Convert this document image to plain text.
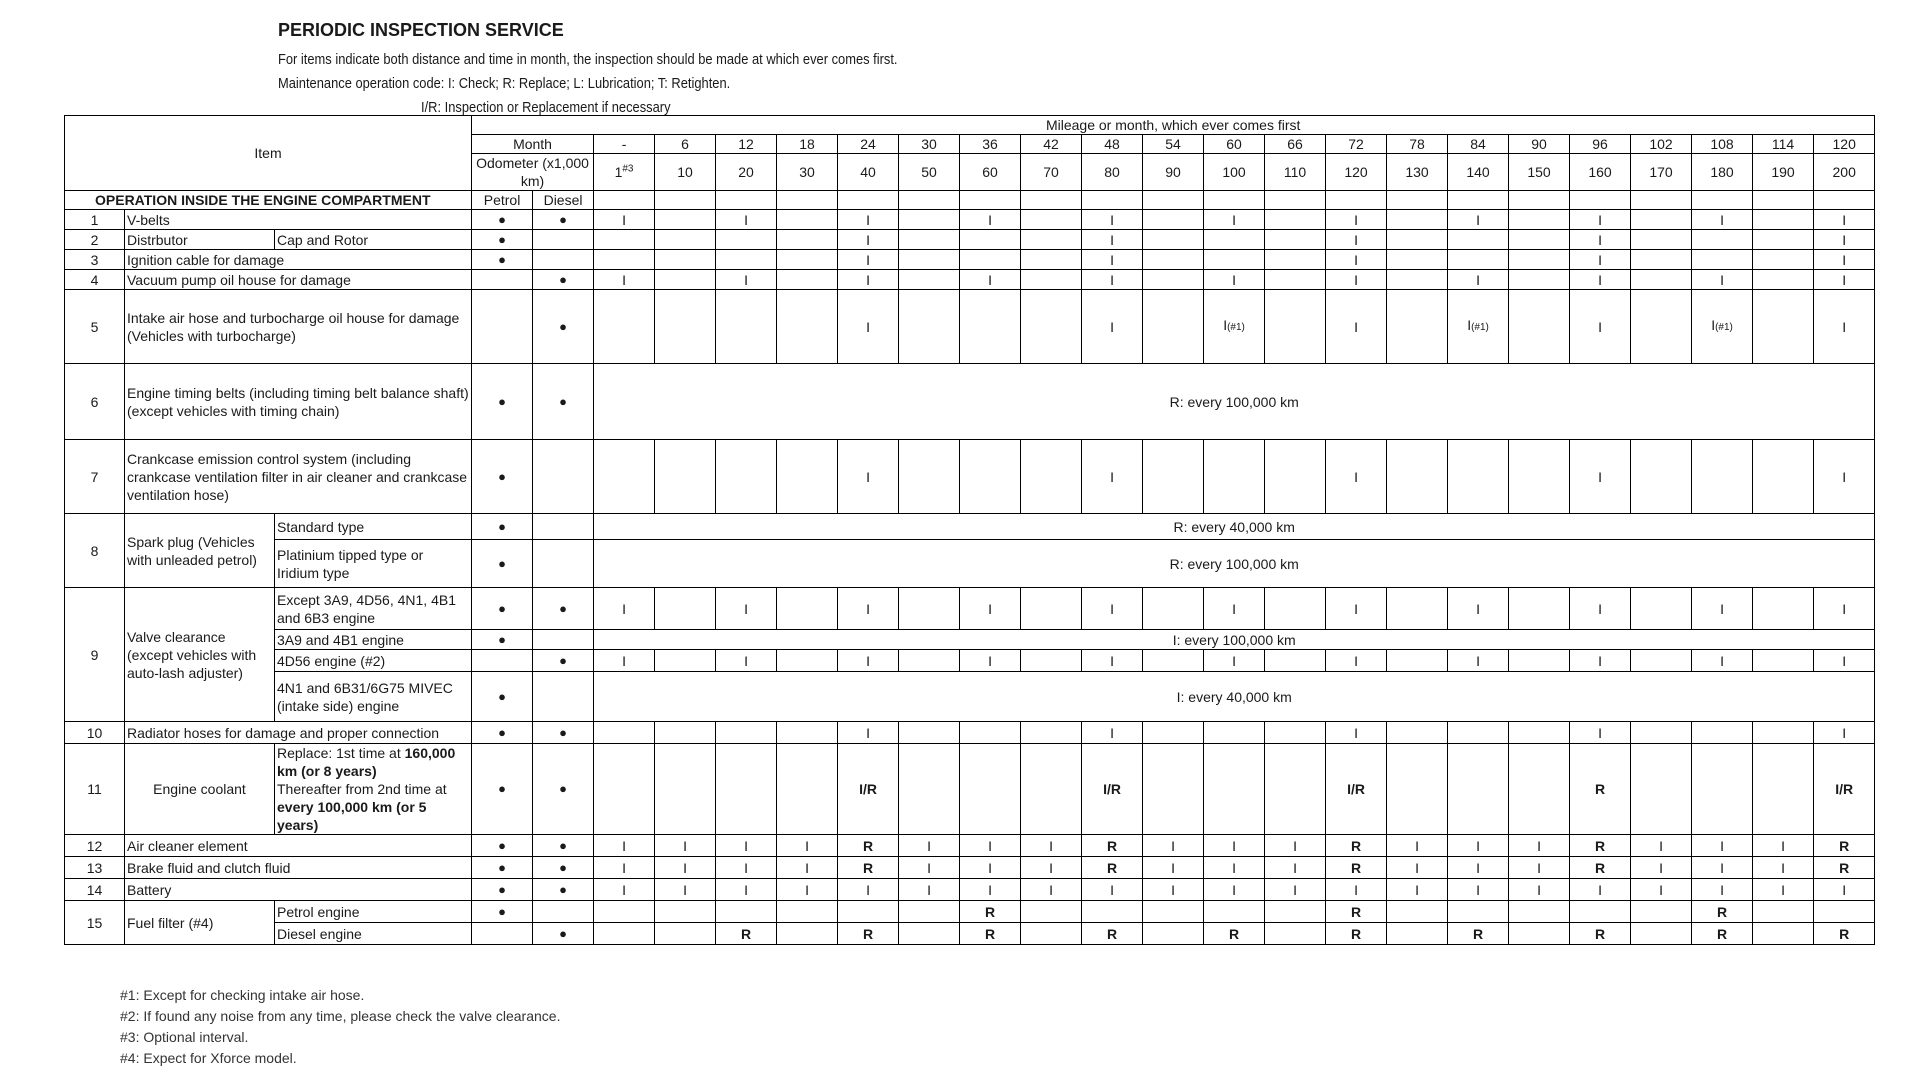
PERIODIC INSPECTION SERVICE
For items indicate both distance and time in month, the inspection should be made at which ever comes first.
Maintenance operation code: I: Check; R: Replace; L: Lubrication; T: Retighten.
I/R: Inspection or Replacement if necessary
Item			Mileage or month, which ever comes first																						
			Month		-	6	12	18	24	30	36	42	48	54	60	66	72	78	84	90	96	102	108	114	120
			Odometer (x1,000 km)		1$^{\#3}$	10	20	30	40	50	60	70	80	90	100	110	120	130	140	150	160	170	180	190	200
OPERATION INSIDE THE ENGINE COMPARTMENT			Petrol	Diesel																					
1	V-belts		●	●	I		I		I		I		I		I		I		I		I		I		I
2	Distrbutor	Cap and Rotor	●						I				I				I				I				I
3	Ignition cable for damage		●						I				I				I				I				I
4	Vacuum pump oil house for damage			●	I		I		I		I		I		I		I		I		I		I		I
5	Intake air hose and turbocharge oil house for damage (Vehicles with turbocharge)			●					I				I		I(#1)		I		I(#1)		I		I(#1)		I
6	Engine timing belts (including timing belt balance shaft) (except vehicles with timing chain)		●	●	R: every 100,000 km																				
7	Crankcase emission control system (including crankcase ventilation filter in air cleaner and crankcase ventilation hose)		●						I				I				I				I				I
8	Spark plug (Vehicles with unleaded petrol)	Standard type	●		R: every 40,000 km																				
		Platinium tipped type or Iridium type	●		R: every 100,000 km																				
9	Valve clearance (except vehicles with auto-lash adjuster)	Except 3A9, 4D56, 4N1, 4B1 and 6B3 engine	●	●	I		I		I		I		I		I		I		I		I		I		I
		3A9 and 4B1 engine	●		I: every 100,000 km																				
		4D56 engine (#2)		●	I		I		I		I		I		I		I		I		I		I		I
		4N1 and 6B31/6G75 MIVEC (intake side) engine	●		I: every 40,000 km																				
10	Radiator hoses for damage and proper connection		●	●					I				I				I				I				I
11	Engine coolant	Replace: 1st time at 160,000 km (or 8 years)
Thereafter from 2nd time at every 100,000 km (or 5 years)	●	●					I/R				I/R				I/R				R				I/R
12	Air cleaner element		●	●	I	I	I	I	R	I	I	I	R	I	I	I	R	I	I	I	R	I	I	I	R
13	Brake fluid and clutch fluid		●	●	I	I	I	I	R	I	I	I	R	I	I	I	R	I	I	I	R	I	I	I	R
14	Battery		●	●	I	I	I	I	I	I	I	I	I	I	I	I	I	I	I	I	I	I	I	I	I
15	Fuel filter (#4)	Petrol engine	●								R						R						R		
		Diesel engine		●			R		R		R		R		R		R		R		R		R		R
#1: Except for checking intake air hose.
#2: If found any noise from any time, please check the valve clearance.
#3: Optional interval.
#4: Expect for Xforce model.
